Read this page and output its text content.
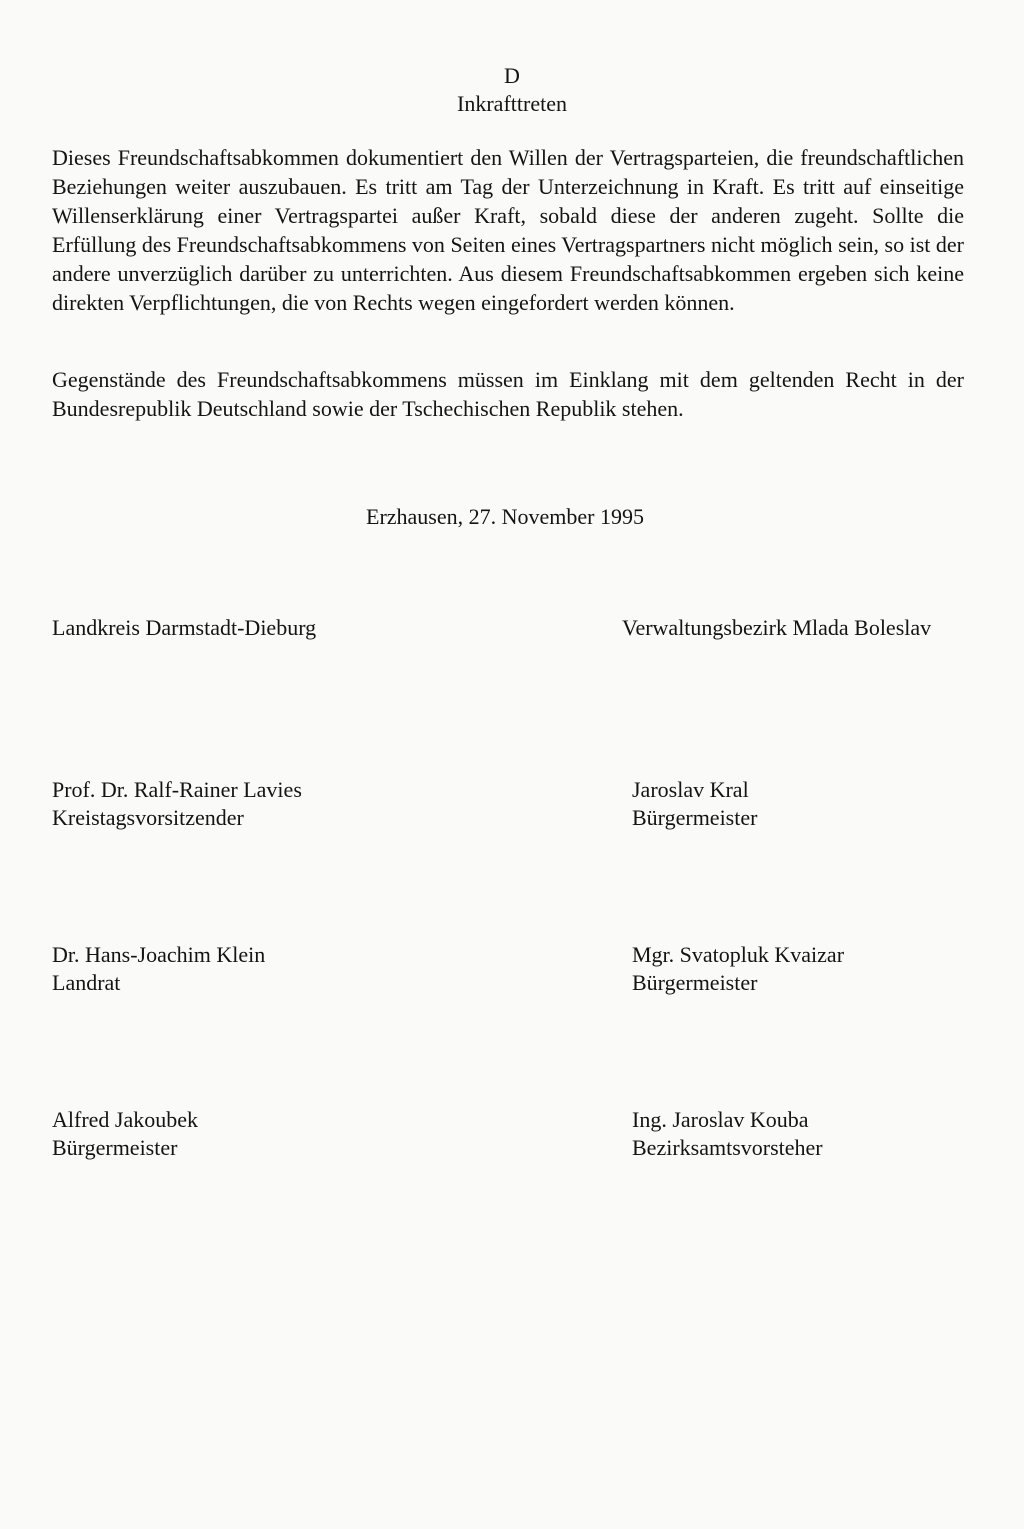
D
Inkrafttreten

Dieses Freundschaftsabkommen dokumentiert den Willen der Vertragsparteien, die freundschaftlichen Beziehungen weiter auszubauen. Es tritt am Tag der Unterzeichnung in Kraft. Es tritt auf einseitige Willenserklärung einer Vertragspartei außer Kraft, sobald diese der anderen zugeht. Sollte die Erfüllung des Freundschaftsabkommens von Seiten eines Vertragspartners nicht möglich sein, so ist der andere unverzüglich darüber zu unterrichten. Aus diesem Freundschaftsabkommen ergeben sich keine direkten Verpflichtungen, die von Rechts wegen eingefordert werden können.

Gegenstände des Freundschaftsabkommens müssen im Einklang mit dem geltenden Recht in der Bundesrepublik Deutschland sowie der Tschechischen Republik stehen.

Erzhausen, 27. November 1995
Landkreis Darmstadt-Dieburg	Verwaltungsbezirk Mlada Boleslav
Prof. Dr. Ralf-Rainer Lavies
Kreistagsvorsitzender
Jaroslav Kral
Bürgermeister
Dr. Hans-Joachim Klein
Landrat
Mgr. Svatopluk Kvaizar
Bürgermeister
Alfred Jakoubek
Bürgermeister
Ing. Jaroslav Kouba
Bezirksamtsvorsteher
